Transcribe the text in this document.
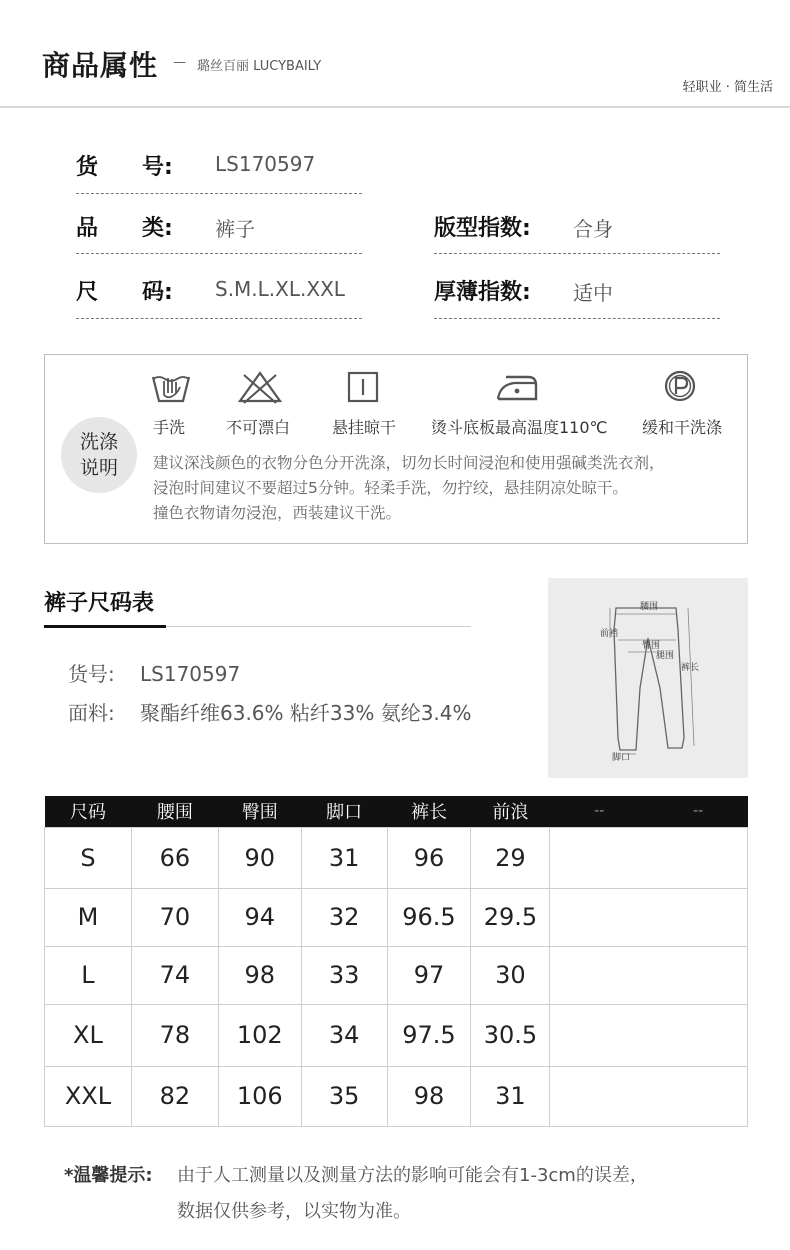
商品属性 — 璐丝百丽 LUCYBAILY
轻职业 · 简生活
货　　号: LS170597
品　　类: 裤子
尺　　码: S.M.L.XL.XXL
版型指数: 合身
厚薄指数: 适中
洗涤
说明
手洗	不可漂白	悬挂晾干 烫斗底板最高温度110℃ 缓和干洗涤
建议深浅颜色的衣物分色分开洗涤，切勿长时间浸泡和使用强碱类洗衣剂，
浸泡时间建议不要超过5分钟。轻柔手洗，勿拧绞，悬挂阴凉处晾干。
撞色衣物请勿浸泡，西装建议干洗。
裤子尺码表
货号: LS170597
面料: 聚酯纤维63.6% 粘纤33% 氨纶3.4%
腰围
前裆
臀围
腿围
裤长
脚口
尺码	腰围	臀围	脚口	裤长	前浪	--	--
S	66	90	31	96	29		
M	70	94	32	96.5	29.5		
L	74	98	33	97	30		
XL	78	102	34	97.5	30.5		
XXL	82	106	35	98	31		
*温馨提示: 由于人工测量以及测量方法的影响可能会有1-3cm的误差，
数据仅供参考，以实物为准。
